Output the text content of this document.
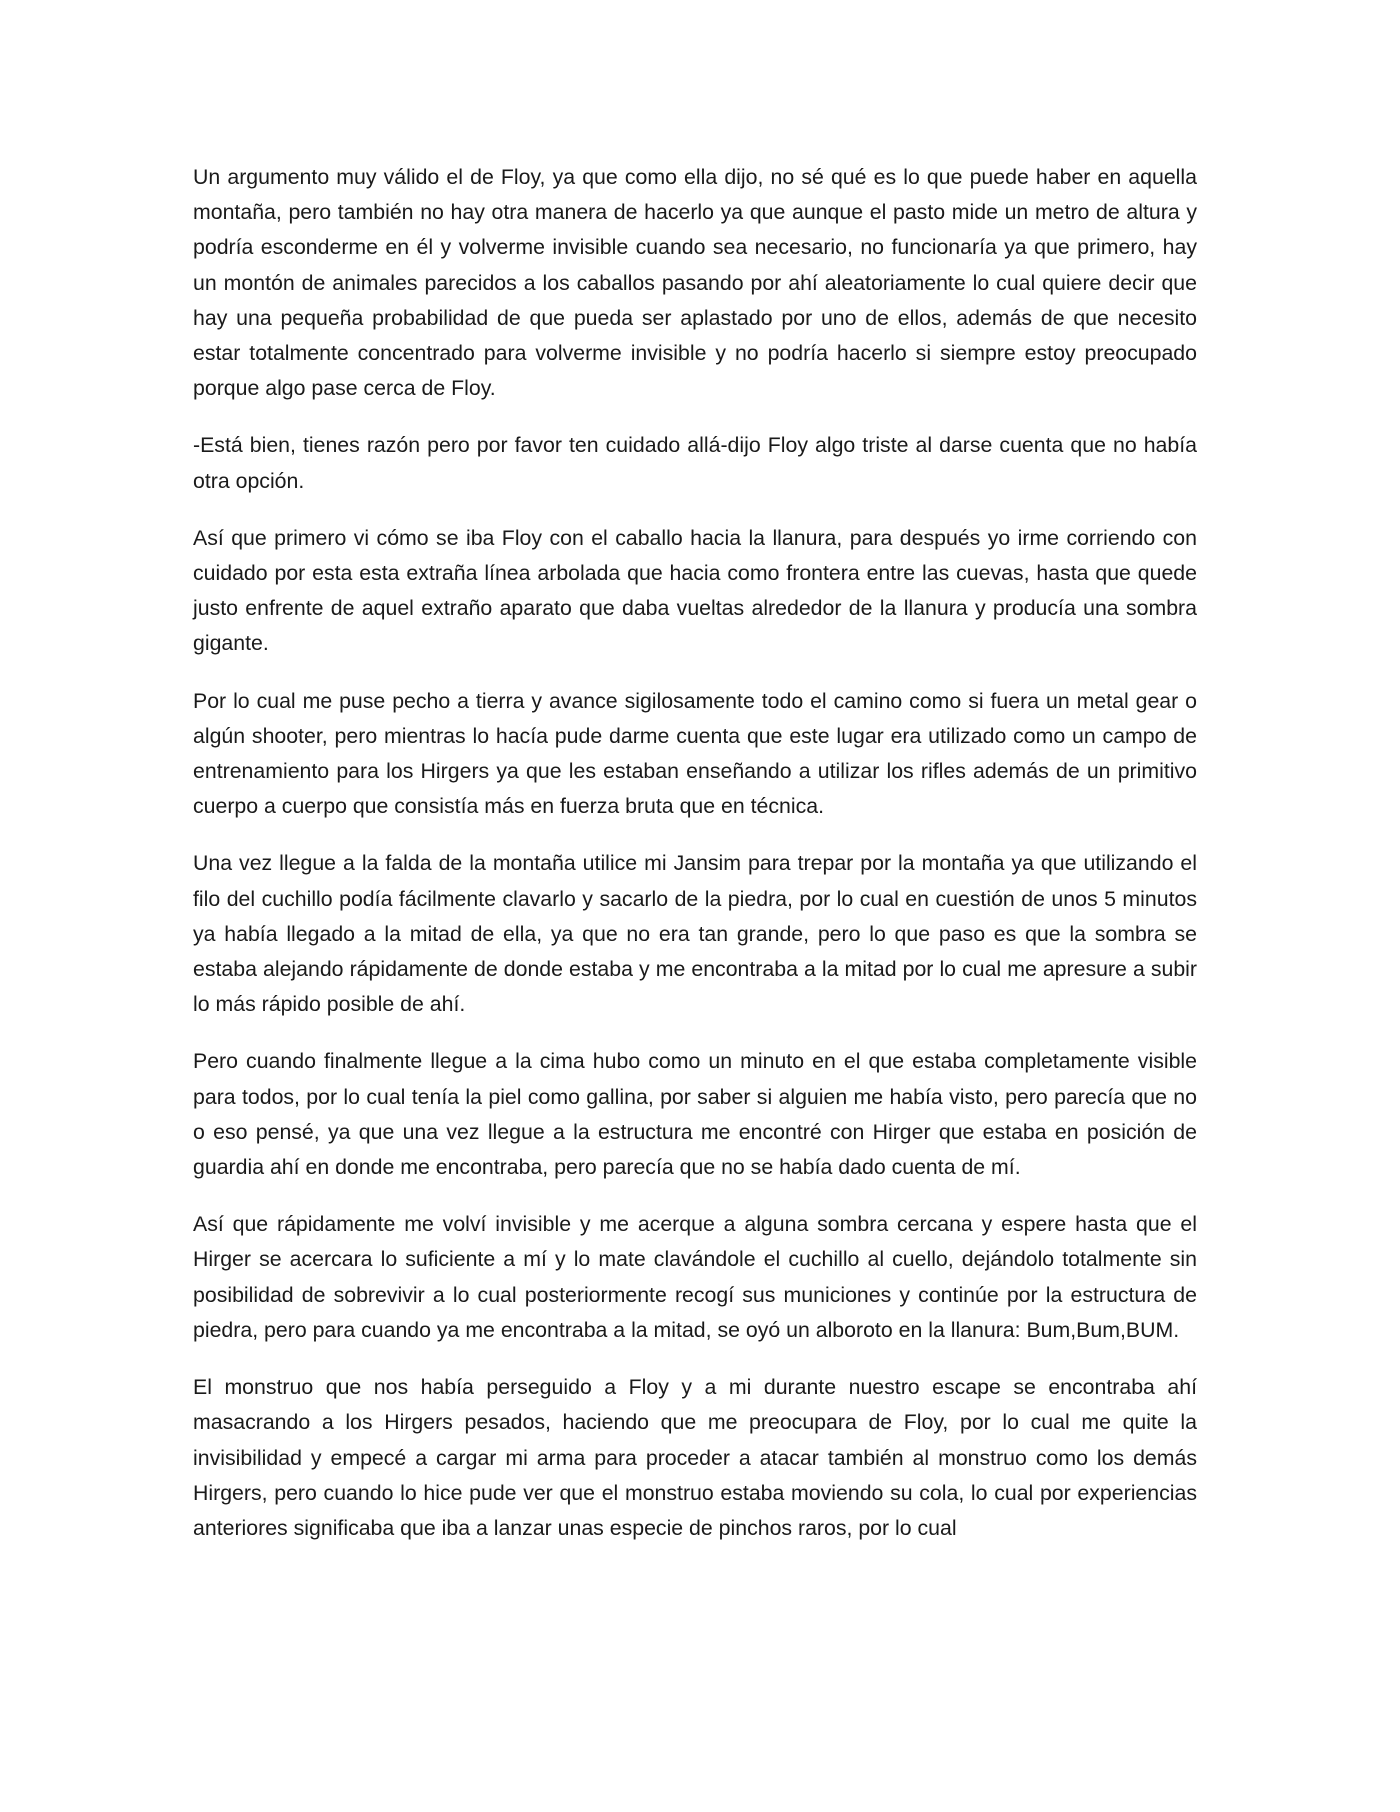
Un argumento muy válido el de Floy, ya que como ella dijo, no sé qué es lo que puede haber en aquella montaña, pero también no hay otra manera de hacerlo ya que aunque el pasto mide un metro de altura y podría esconderme en él y volverme invisible cuando sea necesario, no funcionaría ya que primero, hay un montón de animales parecidos a los caballos pasando por ahí aleatoriamente lo cual quiere decir que hay una pequeña probabilidad de que pueda ser aplastado por uno de ellos, además de que necesito estar totalmente concentrado para volverme invisible y no podría hacerlo si siempre estoy preocupado porque algo pase cerca de Floy.

-Está bien, tienes razón pero por favor ten cuidado allá-dijo Floy algo triste al darse cuenta que no había otra opción.

Así que primero vi cómo se iba Floy con el caballo hacia la llanura, para después yo irme corriendo con cuidado por esta esta extraña línea arbolada que hacia como frontera entre las cuevas, hasta que quede justo enfrente de aquel extraño aparato que daba vueltas alrededor de la llanura y producía una sombra gigante.

Por lo cual me puse pecho a tierra y avance sigilosamente todo el camino como si fuera un metal gear o algún shooter, pero mientras lo hacía pude darme cuenta que este lugar era utilizado como un campo de entrenamiento para los Hirgers ya que les estaban enseñando a utilizar los rifles además de un primitivo cuerpo a cuerpo que consistía más en fuerza bruta que en técnica.

Una vez llegue a la falda de la montaña utilice mi Jansim para trepar por la montaña ya que utilizando el filo del cuchillo podía fácilmente clavarlo y sacarlo de la piedra, por lo cual en cuestión de unos 5 minutos ya había llegado a la mitad de ella, ya que no era tan grande, pero lo que paso es que la sombra se estaba alejando rápidamente de donde estaba y me encontraba a la mitad por lo cual me apresure a subir lo más rápido posible de ahí.

Pero cuando finalmente llegue a la cima hubo como un minuto en el que estaba completamente visible para todos, por lo cual tenía la piel como gallina, por saber si alguien me había visto, pero parecía que no o eso pensé, ya que una vez llegue a la estructura me encontré con Hirger que estaba en posición de guardia ahí en donde me encontraba, pero parecía que no se había dado cuenta de mí.

Así que rápidamente me volví invisible y me acerque a alguna sombra cercana y espere hasta que el Hirger se acercara lo suficiente a mí y lo mate clavándole el cuchillo al cuello, dejándolo totalmente sin posibilidad de sobrevivir a lo cual posteriormente recogí sus municiones y continúe por la estructura de piedra, pero para cuando ya me encontraba a la mitad, se oyó un alboroto en la llanura: Bum,Bum,BUM.

El monstruo que nos había perseguido a Floy y a mi durante nuestro escape se encontraba ahí masacrando a los Hirgers pesados, haciendo que me preocupara de Floy, por lo cual me quite la invisibilidad y empecé a cargar mi arma para proceder a atacar también al monstruo como los demás Hirgers, pero cuando lo hice pude ver que el monstruo estaba moviendo su cola, lo cual por experiencias anteriores significaba que iba a lanzar unas especie de pinchos raros, por lo cual
